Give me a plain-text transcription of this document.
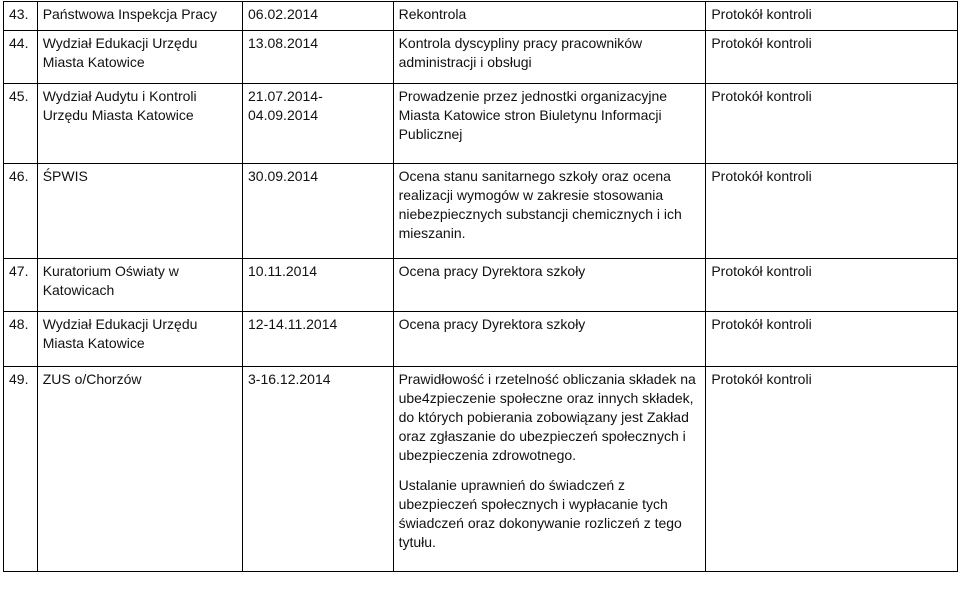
43.	Państwowa Inspekcja Pracy	06.02.2014	Rekontrola	Protokół kontroli

44.	Wydział Edukacji Urzędu Miasta Katowice	13.08.2014	Kontrola dyscypliny pracy pracowników administracji i obsługi	Protokół kontroli

45.	Wydział Audytu i Kontroli Urzędu Miasta Katowice	21.07.2014- 04.09.2014	Prowadzenie przez jednostki organizacyjne Miasta Katowice stron Biuletynu Informacji Publicznej	Protokół kontroli

46.	ŚPWIS	30.09.2014	Ocena stanu sanitarnego szkoły oraz ocena realizacji wymogów w zakresie stosowania niebezpiecznych substancji chemicznych i ich mieszanin.	Protokół kontroli

47.	Kuratorium Oświaty w Katowicach	10.11.2014	Ocena pracy Dyrektora szkoły	Protokół kontroli

48.	Wydział Edukacji Urzędu Miasta Katowice	12-14.11.2014	Ocena pracy Dyrektora szkoły	Protokół kontroli

49.	ZUS o/Chorzów	3-16.12.2014	Prawidłowość i rzetelność obliczania składek na ube4zpieczenie społeczne oraz innych składek, do których pobierania zobowiązany jest Zakład oraz zgłaszanie do ubezpieczeń społecznych i ubezpieczenia zdrowotnego.
Ustalanie uprawnień do świadczeń z ubezpieczeń społecznych i wypłacanie tych świadczeń oraz dokonywanie rozliczeń z tego tytułu.	Protokół kontroli
